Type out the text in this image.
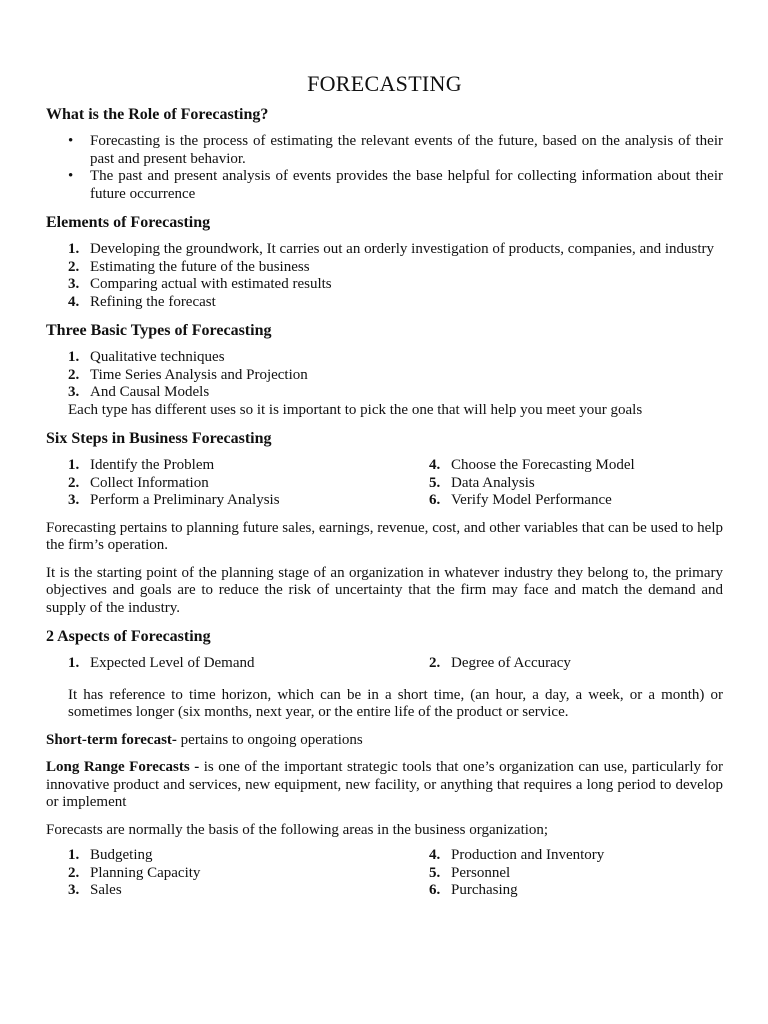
FORECASTING
What is the Role of Forecasting?
• Forecasting is the process of estimating the relevant events of the future, based on the analysis of their past and present behavior.
• The past and present analysis of events provides the base helpful for collecting information about their future occurrence
Elements of Forecasting
1. Developing the groundwork, It carries out an orderly investigation of products, companies, and industry
2. Estimating the future of the business
3. Comparing actual with estimated results
4. Refining the forecast
Three Basic Types of Forecasting
1. Qualitative techniques
2. Time Series Analysis and Projection
3. And Causal Models

Each type has different uses so it is important to pick the one that will help you meet your goals

Six Steps in Business Forecasting
1. Identify the Problem
2. Collect Information
3. Perform a Preliminary Analysis
4. Choose the Forecasting Model
5. Data Analysis
6. Verify Model Performance

Forecasting pertains to planning future sales, earnings, revenue, cost, and other variables that can be used to help the firm’s operation.

It is the starting point of the planning stage of an organization in whatever industry they belong to, the primary objectives and goals are to reduce the risk of uncertainty that the firm may face and match the demand and supply of the industry.

2 Aspects of Forecasting
1. Expected Level of Demand	2. Degree of Accuracy

It has reference to time horizon, which can be in a short time, (an hour, a day, a week, or a month) or sometimes longer (six months, next year, or the entire life of the product or service.

Short-term forecast- pertains to ongoing operations

Long Range Forecasts - is one of the important strategic tools that one’s organization can use, particularly for innovative product and services, new equipment, new facility, or anything that requires a long period to develop or implement

Forecasts are normally the basis of the following areas in the business organization;

1. Budgeting
2. Planning Capacity
3. Sales
4. Production and Inventory
5. Personnel
6. Purchasing
